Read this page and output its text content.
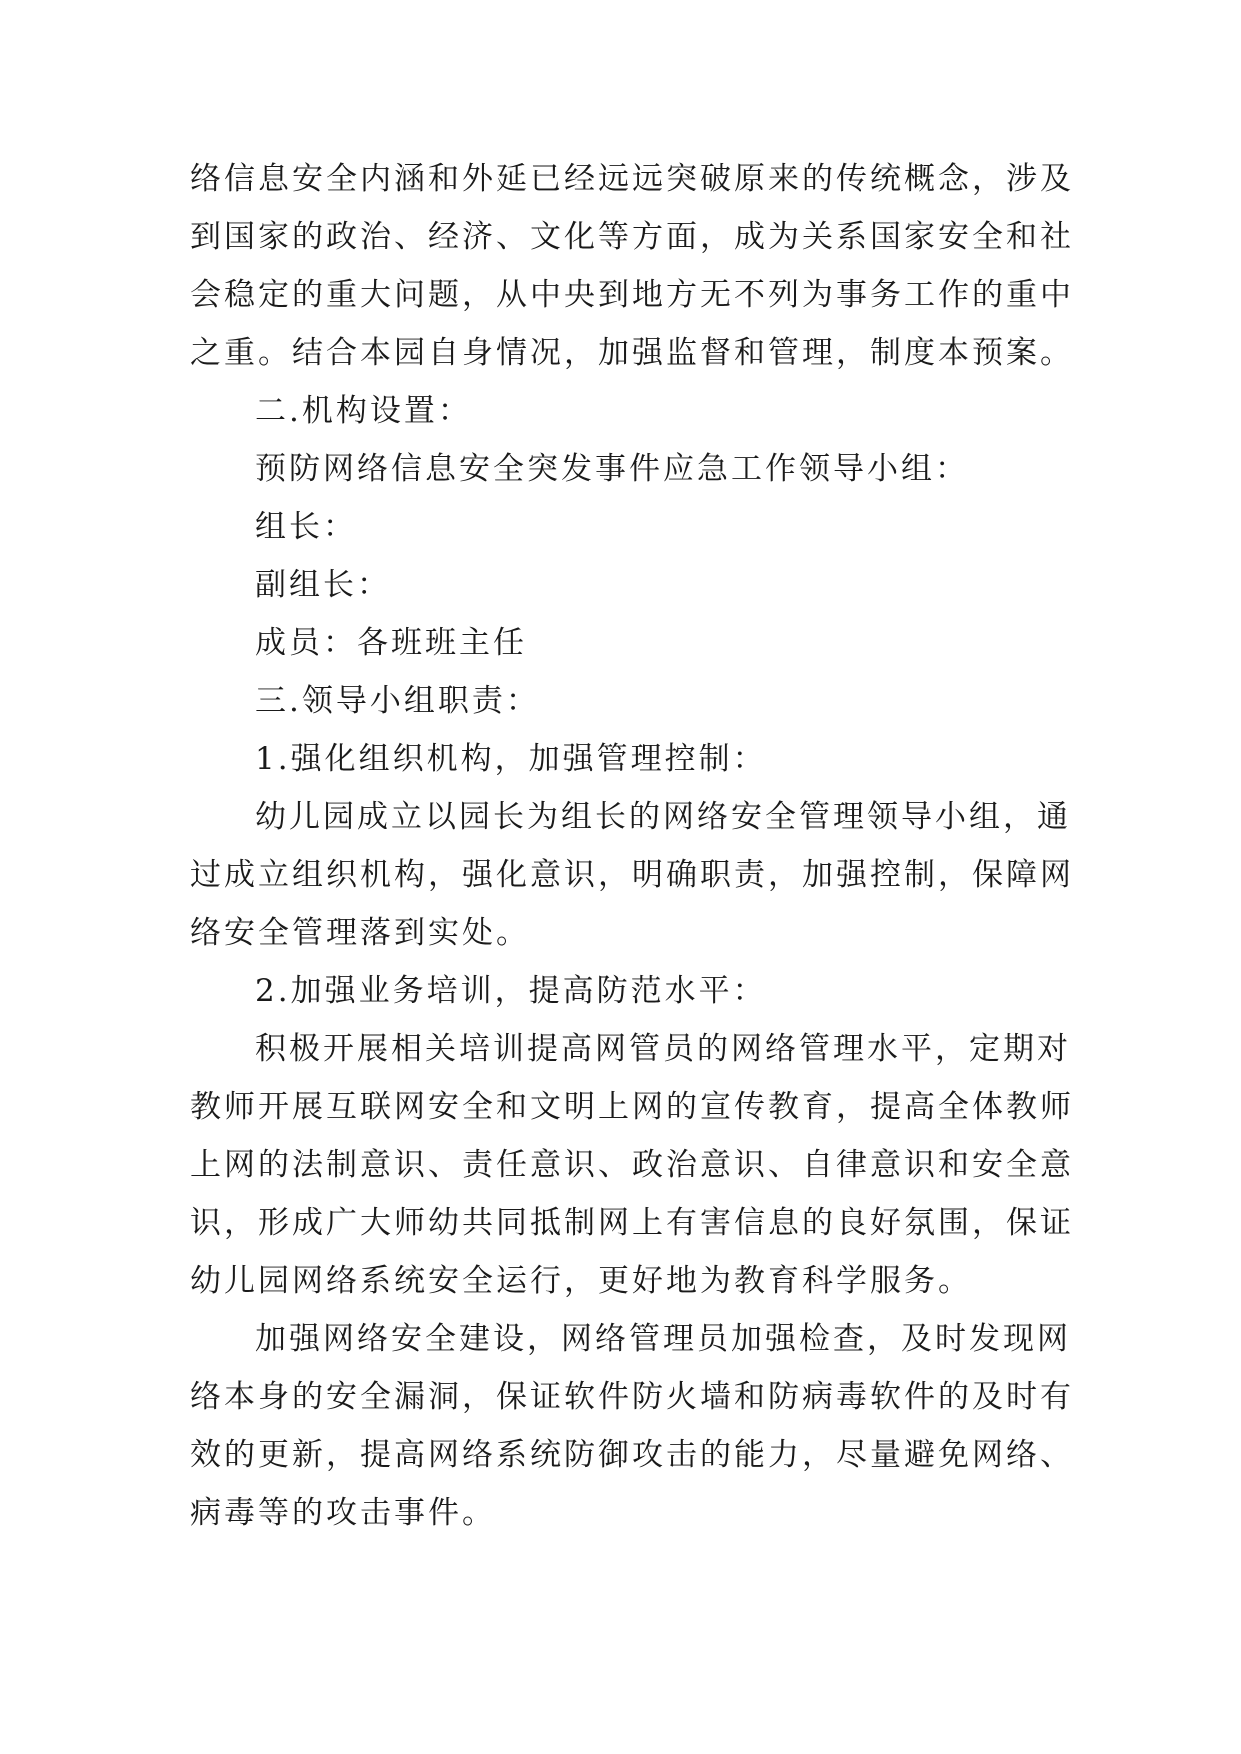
络信息安全内涵和外延已经远远突破原来的传统概念，涉及
到国家的政治、经济、文化等方面，成为关系国家安全和社
会稳定的重大问题，从中央到地方无不列为事务工作的重中
之重。结合本园自身情况，加强监督和管理，制度本预案。
二.机构设置：
预防网络信息安全突发事件应急工作领导小组：
组长：
副组长：
成员：各班班主任
三.领导小组职责：
1.强化组织机构，加强管理控制：
幼儿园成立以园长为组长的网络安全管理领导小组，通
过成立组织机构，强化意识，明确职责，加强控制，保障网
络安全管理落到实处。
2.加强业务培训，提高防范水平：
积极开展相关培训提高网管员的网络管理水平，定期对
教师开展互联网安全和文明上网的宣传教育，提高全体教师
上网的法制意识、责任意识、政治意识、自律意识和安全意
识，形成广大师幼共同抵制网上有害信息的良好氛围，保证
幼儿园网络系统安全运行，更好地为教育科学服务。
加强网络安全建设，网络管理员加强检查，及时发现网
络本身的安全漏洞，保证软件防火墙和防病毒软件的及时有
效的更新，提高网络系统防御攻击的能力，尽量避免网络、
病毒等的攻击事件。
